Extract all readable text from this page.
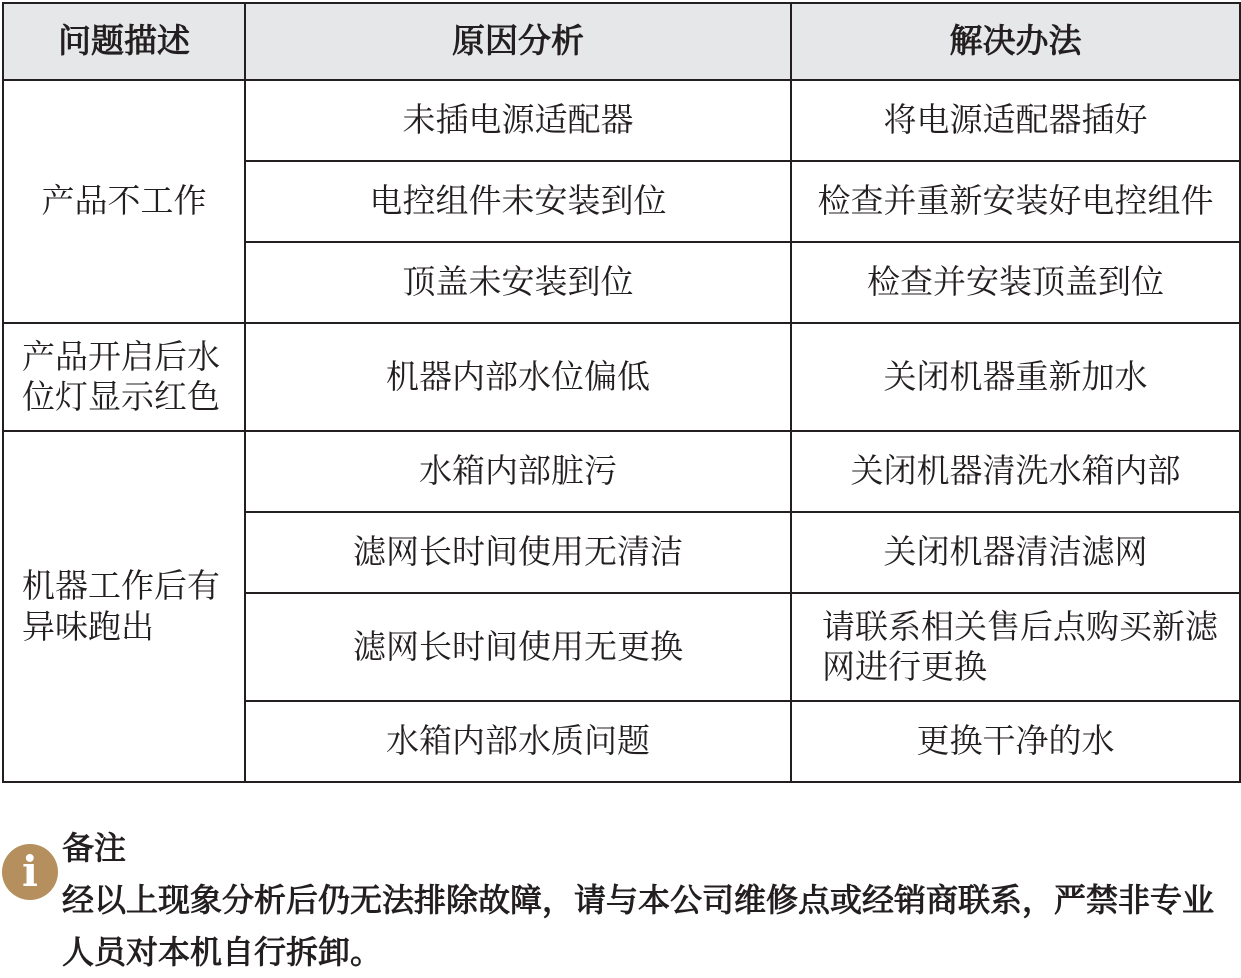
问题描述	原因分析	解决办法
产品不工作	未插电源适配器	将电源适配器插好
	电控组件未安装到位	检查并重新安装好电控组件
	顶盖未安装到位	检查并安装顶盖到位
产品开启后水位灯显示红色	机器内部水位偏低	关闭机器重新加水
机器工作后有异味跑出	水箱内部脏污	关闭机器清洗水箱内部
	滤网长时间使用无清洁	关闭机器清洁滤网
	滤网长时间使用无更换	请联系相关售后点购买新滤网进行更换
	水箱内部水质问题	更换干净的水
i 备注
经以上现象分析后仍无法排除故障，请与本公司维修点或经销商联系，严禁非专业人员对本机自行拆卸。
